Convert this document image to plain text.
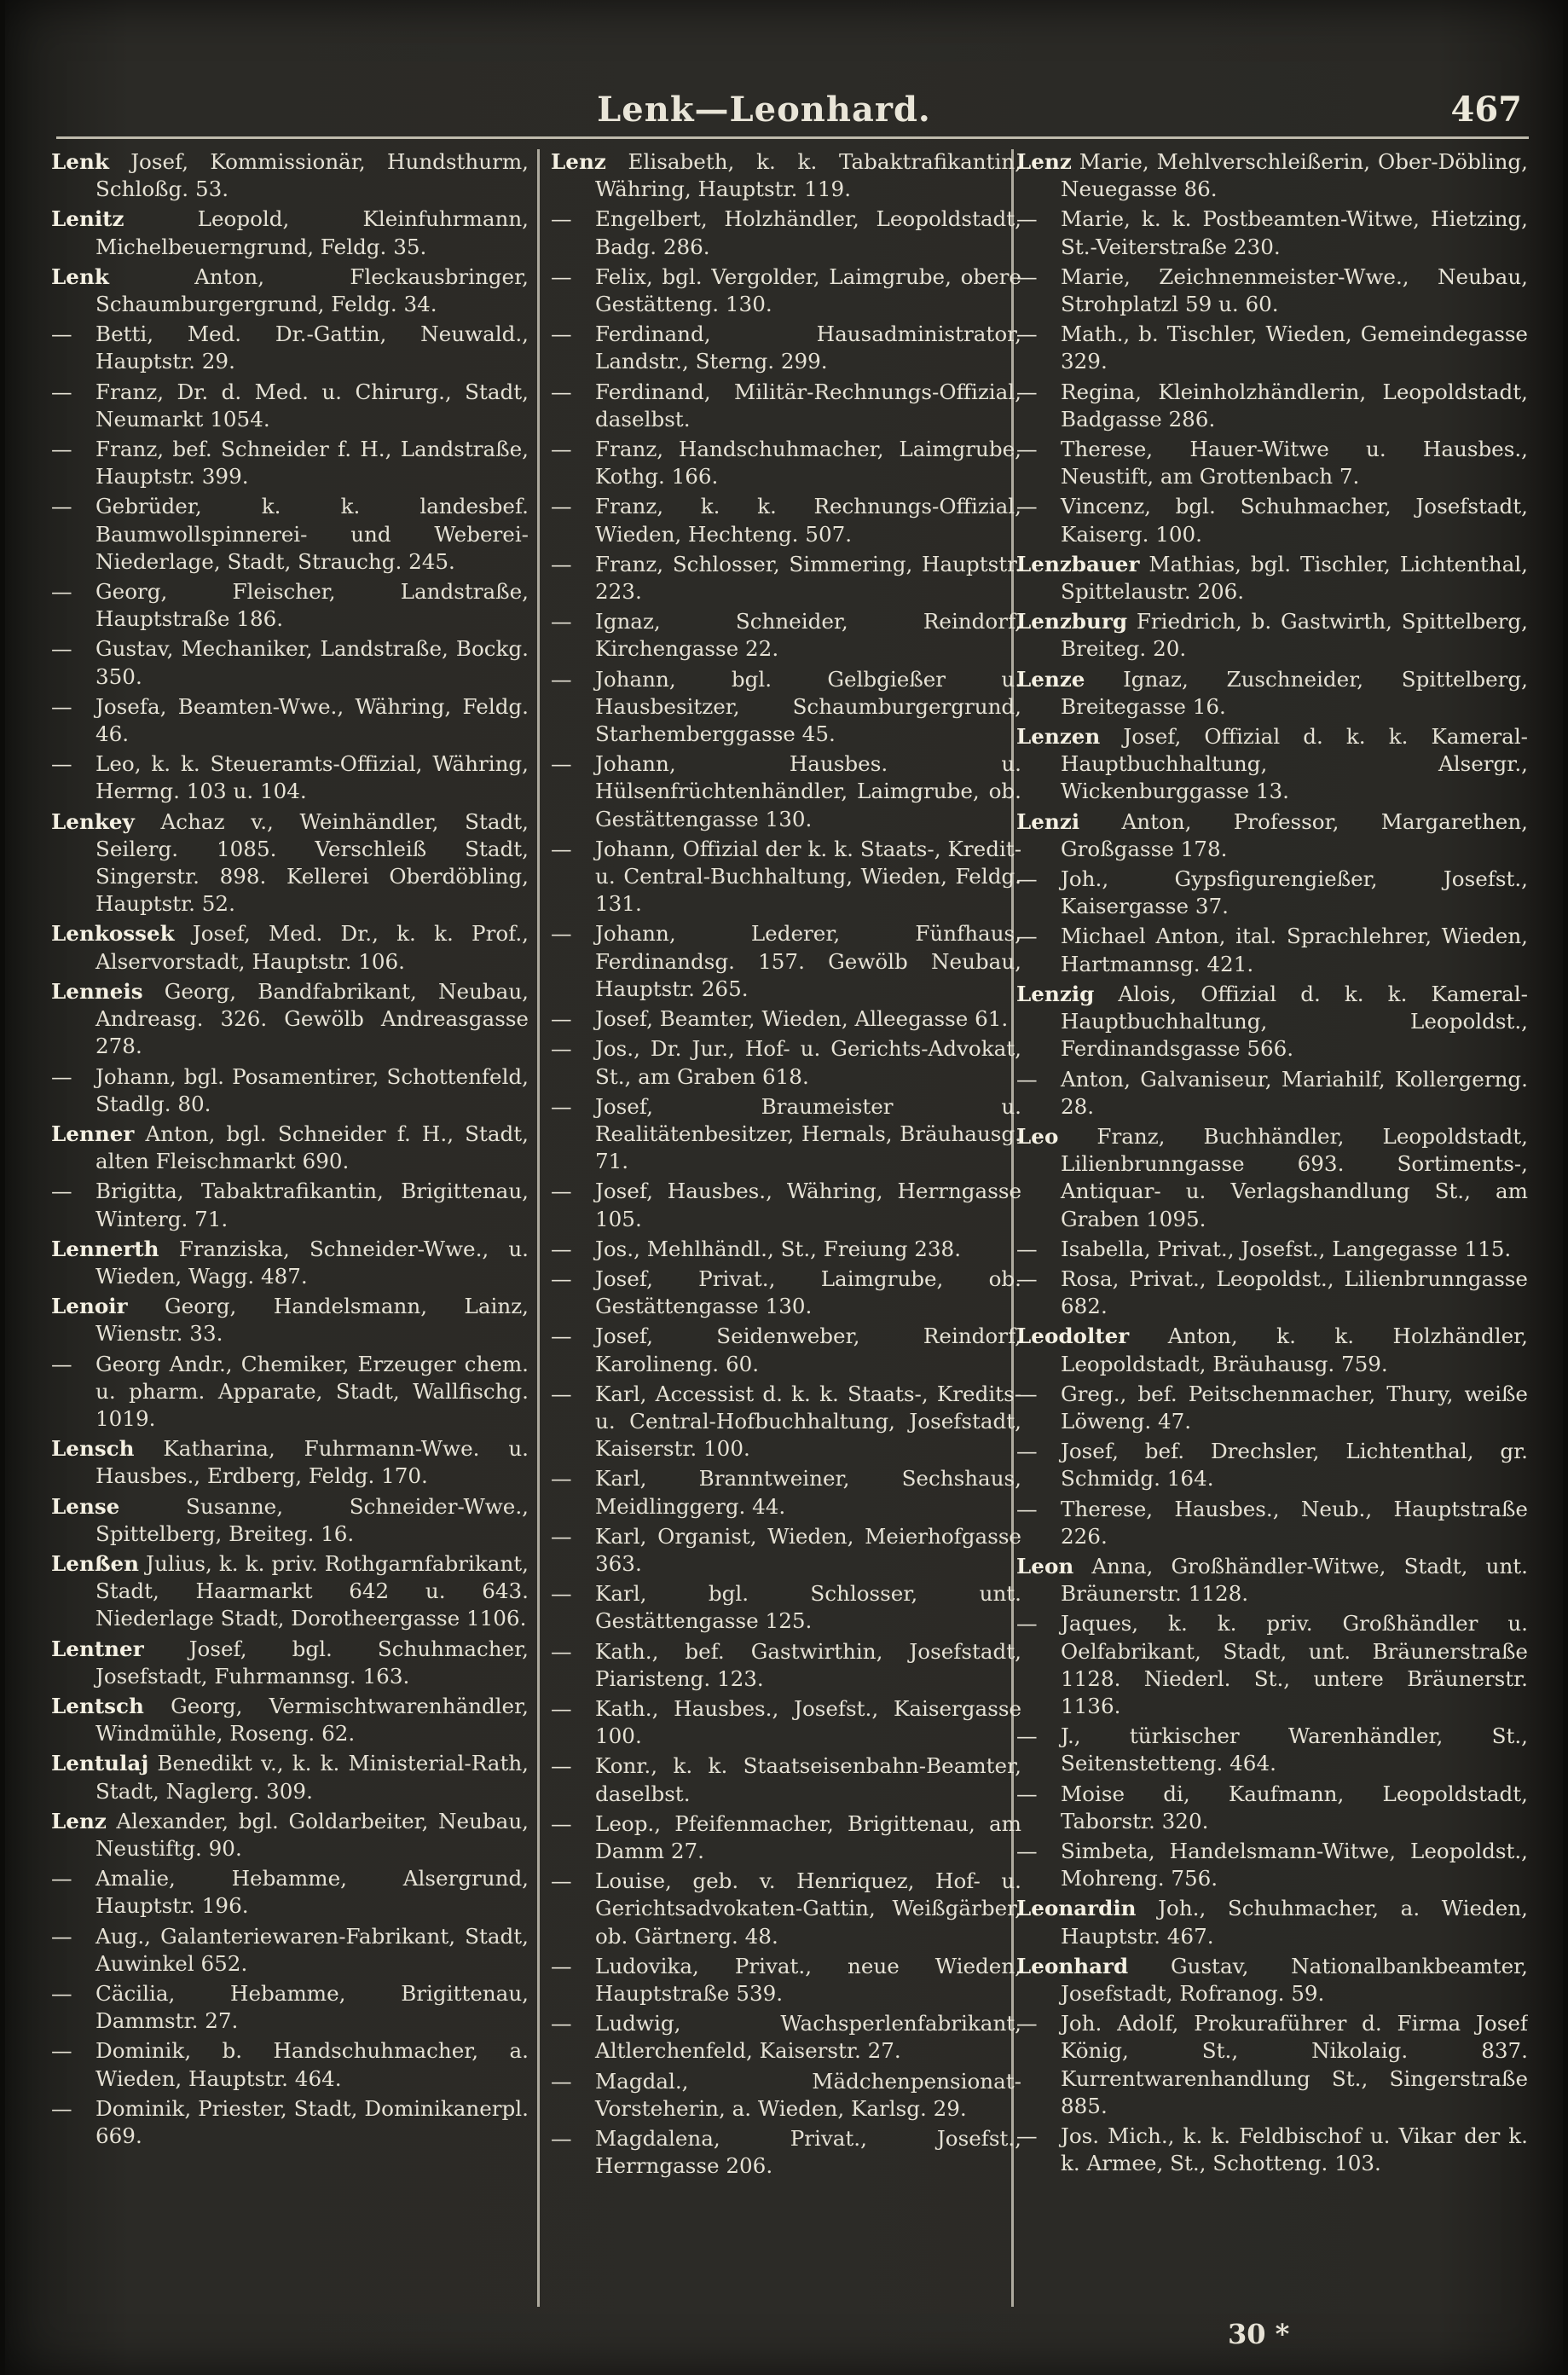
Lenk—Leonhard.	467

Lenk Josef, Kommissionär, Hundsthurm, Schloßg. 53.

Lenitz	Leopold, Kleinfuhrmann, Michelbeuerngrund, Feldg. 35.

Lenk	Anton, Fleckausbringer, Schaumburgergrund, Feldg. 34.

— Betti, Med. Dr.-Gattin, Neuwald., Hauptstr. 29.

— Franz, Dr. d. Med. u. Chirurg., Stadt, Neumarkt 1054.

— Franz, bef. Schneider f. H., Landstraße, Hauptstr. 399.

— Gebrüder, k. k. landesbef. Baumwollspinnerei- und Weberei-Niederlage, Stadt, Strauchg. 245.

— Georg, Fleischer, Landstraße, Hauptstraße 186.

— Gustav, Mechaniker, Landstraße, Bockg. 350.

— Josefa, Beamten-Wwe., Währing, Feldg. 46.

— Leo, k. k. Steueramts-Offizial, Währing, Herrng. 103 u. 104.

Lenkey Achaz v., Weinhändler, Stadt, Seilerg. 1085. Verschleiß Stadt, Singerstr. 898. Kellerei Oberdöbling, Hauptstr. 52.

Lenkossek Josef, Med. Dr., k. k. Prof., Alservorstadt, Hauptstr. 106.

Lenneis Georg, Bandfabrikant, Neubau, Andreasg. 326. Gewölb Andreasgasse 278.

— Johann, bgl. Posamentirer, Schottenfeld, Stadlg. 80.

Lenner Anton, bgl. Schneider f. H., Stadt, alten Fleischmarkt 690.

— Brigitta, Tabaktrafikantin, Brigittenau, Winterg. 71.

Lennerth Franziska, Schneider-Wwe., u. Wieden, Wagg. 487.

Lenoir Georg, Handelsmann, Lainz, Wienstr. 33.

— Georg Andr., Chemiker, Erzeuger chem. u. pharm. Apparate, Stadt, Wallfischg. 1019.

Lensch Katharina, Fuhrmann-Wwe. u. Hausbes., Erdberg, Feldg. 170.

Lense	Susanne, Schneider-Wwe., Spittelberg, Breiteg. 16.

Lenßen Julius, k. k. priv. Rothgarnfabrikant, Stadt, Haarmarkt 642 u. 643. Niederlage Stadt, Dorotheergasse 1106.

Lentner Josef, bgl. Schuhmacher, Josefstadt, Fuhrmannsg. 163.

Lentsch Georg, Vermischtwarenhändler, Windmühle, Roseng. 62.

Lentulaj Benedikt v., k. k. Ministerial-Rath, Stadt, Naglerg. 309.

Lenz Alexander, bgl. Goldarbeiter, Neubau, Neustiftg. 90.

— Amalie, Hebamme, Alsergrund, Hauptstr. 196.

— Aug., Galanteriewaren-Fabrikant, Stadt, Auwinkel 652.

— Cäcilia, Hebamme, Brigittenau, Dammstr. 27.

— Dominik, b. Handschuhmacher, a. Wieden, Hauptstr. 464.

— Dominik, Priester, Stadt, Dominikanerpl. 669.

Lenz Elisabeth, k. k. Tabaktrafikantin, Währing, Hauptstr. 119.

— Engelbert, Holzhändler, Leopoldstadt, Badg. 286.

— Felix, bgl. Vergolder, Laimgrube, obere Gestätteng. 130.

— Ferdinand, Hausadministrator, Landstr., Sterng. 299.

— Ferdinand, Militär-Rechnungs-Offizial, daselbst.

— Franz, Handschuhmacher, Laimgrube, Kothg. 166.

— Franz, k. k. Rechnungs-Offizial, Wieden, Hechteng. 507.

— Franz, Schlosser, Simmering, Hauptstr. 223.

— Ignaz, Schneider, Reindorf, Kirchengasse 22.

— Johann, bgl. Gelbgießer u. Hausbesitzer, Schaumburgergrund, Starhemberggasse 45.

— Johann, Hausbes. u. Hülsenfrüchtenhändler, Laimgrube, ob. Gestättengasse 130.

— Johann, Offizial der k. k. Staats-, Kredit- u. Central-Buchhaltung, Wieden, Feldg. 131.

— Johann, Lederer, Fünfhaus, Ferdinandsg. 157. Gewölb Neubau, Hauptstr. 265.

— Josef, Beamter, Wieden, Alleegasse 61.

— Jos., Dr. Jur., Hof- u. Gerichts-Advokat, St., am Graben 618.

— Josef, Braumeister u. Realitätenbesitzer, Hernals, Bräuhausg. 71.

— Josef, Hausbes., Währing, Herrngasse 105.

— Jos., Mehlhändl., St., Freiung 238.

— Josef, Privat., Laimgrube, ob. Gestättengasse 130.

— Josef, Seidenweber, Reindorf, Karolineng. 60.

— Karl, Accessist d. k. k. Staats-, Kredits- u. Central-Hofbuchhaltung, Josefstadt, Kaiserstr. 100.

— Karl, Branntweiner, Sechshaus, Meidlinggerg. 44.

— Karl, Organist, Wieden, Meierhofgasse 363.

— Karl, bgl. Schlosser, unt. Gestättengasse 125.

— Kath., bef. Gastwirthin, Josefstadt, Piaristeng. 123.

— Kath., Hausbes., Josefst., Kaisergasse 100.

— Konr., k. k. Staatseisenbahn-Beamter, daselbst.

— Leop., Pfeifenmacher, Brigittenau, am Damm 27.

— Louise, geb. v. Henriquez, Hof- u. Gerichtsadvokaten-Gattin, Weißgärber, ob. Gärtnerg. 48.

— Ludovika, Privat., neue Wieden, Hauptstraße 539.

— Ludwig, Wachsperlenfabrikant, Altlerchenfeld, Kaiserstr. 27.

— Magdal., Mädchenpensionat-Vorsteherin, a. Wieden, Karlsg. 29.

— Magdalena, Privat., Josefst., Herrngasse 206.

Lenz Marie, Mehlverschleißerin, Ober-Döbling, Neuegasse 86.

— Marie, k. k. Postbeamten-Witwe, Hietzing, St.-Veiterstraße 230.

— Marie, Zeichnenmeister-Wwe., Neubau, Strohplatzl 59 u. 60.

— Math., b. Tischler, Wieden, Gemeindegasse 329.

— Regina, Kleinholzhändlerin, Leopoldstadt, Badgasse 286.

— Therese, Hauer-Witwe u. Hausbes., Neustift, am Grottenbach 7.

— Vincenz, bgl. Schuhmacher, Josefstadt, Kaiserg. 100.

Lenzbauer Mathias, bgl. Tischler, Lichtenthal, Spittelaustr. 206.

Lenzburg Friedrich, b. Gastwirth, Spittelberg, Breiteg. 20.

Lenze Ignaz, Zuschneider, Spittelberg, Breitegasse 16.

Lenzen Josef, Offizial d. k. k. Kameral-Hauptbuchhaltung, Alsergr., Wickenburggasse 13.

Lenzi Anton, Professor, Margarethen, Großgasse 178.

— Joh., Gypsfigurengießer, Josefst., Kaisergasse 37.

— Michael Anton, ital. Sprachlehrer, Wieden, Hartmannsg. 421.

Lenzig Alois, Offizial d. k. k. Kameral-Hauptbuchhaltung, Leopoldst., Ferdinandsgasse 566.

— Anton, Galvaniseur, Mariahilf, Kollergerng. 28.

Leo Franz, Buchhändler, Leopoldstadt, Lilienbrunngasse 693. Sortiments-, Antiquar- u. Verlagshandlung St., am Graben 1095.

— Isabella, Privat., Josefst., Langegasse 115.

— Rosa, Privat., Leopoldst., Lilienbrunngasse 682.

Leodolter Anton, k. k. Holzhändler, Leopoldstadt, Bräuhausg. 759.

— Greg., bef. Peitschenmacher, Thury, weiße Löweng. 47.

— Josef, bef. Drechsler, Lichtenthal, gr. Schmidg. 164.

— Therese, Hausbes., Neub., Hauptstraße 226.

Leon Anna, Großhändler-Witwe, Stadt, unt. Bräunerstr. 1128.

— Jaques, k. k. priv. Großhändler u. Oelfabrikant, Stadt, unt. Bräunerstraße 1128. Niederl. St., untere Bräunerstr. 1136.

— J., türkischer Warenhändler, St., Seitenstetteng. 464.

— Moise di, Kaufmann, Leopoldstadt, Taborstr. 320.

— Simbeta, Handelsmann-Witwe, Leopoldst., Mohreng. 756.

Leonardin Joh., Schuhmacher, a. Wieden, Hauptstr. 467.

Leonhard Gustav, Nationalbankbeamter, Josefstadt, Rofranog. 59.

— Joh. Adolf, Prokuraführer d. Firma Josef König, St., Nikolaig. 837. Kurrentwarenhandlung St., Singerstraße 885.

— Jos. Mich., k. k. Feldbischof u. Vikar der k. k. Armee, St., Schotteng. 103.

30 *
